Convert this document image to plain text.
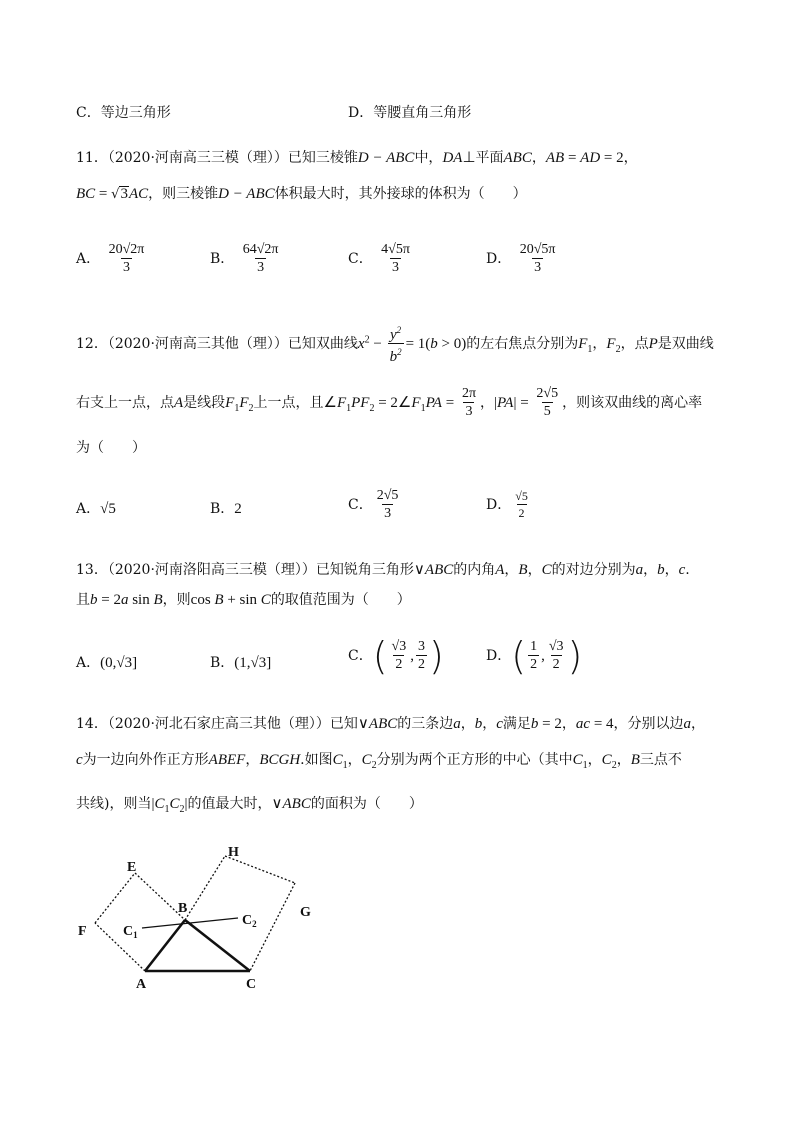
C．等边三角形	D．等腰直角三角形
11．（2020·河南高三三模（理））已知三棱锥D − ABC中，DA⊥平面ABC，AB = AD = 2，
BC = √3AC，则三棱锥D − ABC体积最大时，其外接球的体积为（　　）
A． $\frac{20√2\pi}{3}$	B． $\frac{64√2\pi}{3}$	C． $\frac{4√5\pi}{3}$	D． $\frac{20√5\pi}{3}$
12．（2020·河南高三其他（理））已知双曲线$x^2 - \frac{y^2}{b^2} = 1(b > 0)$的左右焦点分别为$F_1$，$F_2$，点P是双曲线
右支上一点，点A是线段$F_1F_2$上一点，且$\angle F_1PF_2$ = $2\angle F_1PA = \frac{2\pi}{3}$ ，$|PA| = \frac{2√5}{5}$ ，则该双曲线的离心率
为（　　）
A．√5	B．2	C． $\frac{2√5}{3}$	D． $\frac{√5}{2}$
13．（2020·河南洛阳高三三模（理））已知锐角三角形∨ABC的内角A，B，C的对边分别为a，b，c.
且b = 2a sin B，则cos B + sin C的取值范围为（　　）
A．(0,√3]	B．(1,√3]	C．( $\frac{√3}{2}$ , $\frac{3}{2}$ )	D．( $\frac{1}{2}$ , $\frac{√3}{2}$ )
14．（2020·河北石家庄高三其他（理））已知∨ABC的三条边a，b，c满足b = 2，ac = 4，分别以边a，
c为一边向外作正方形ABEF，BCGH.如图$C_1$，$C_2$分别为两个正方形的中心（其中$C_1$，$C_2$，B三点不
共线)，则当$|C_1C_2|$的值最大时，∨ABC的面积为（　　）
E
H
F
B
$C_1$
$C_2$
G
A	C
